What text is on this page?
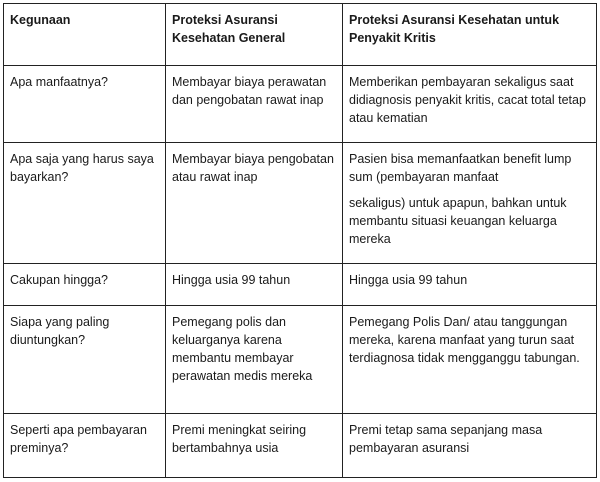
Kegunaan	Proteksi Asuransi Kesehatan General	Proteksi Asuransi Kesehatan untuk Penyakit Kritis
Apa manfaatnya?	Membayar biaya perawatan dan pengobatan rawat inap	Memberikan pembayaran sekaligus saat didiagnosis penyakit kritis, cacat total tetap atau kematian

Apa saja yang harus saya bayarkan?	Membayar biaya pengobatan atau rawat inap	Pasien bisa memanfaatkan benefit lump sum (pembayaran manfaat
sekaligus) untuk apapun, bahkan untuk membantu situasi keuangan keluarga mereka

Cakupan hingga?	Hingga usia 99 tahun	Hingga usia 99 tahun

Siapa yang paling diuntungkan?	Pemegang polis dan keluarganya karena membantu membayar perawatan medis mereka	Pemegang Polis Dan/ atau tanggungan mereka, karena manfaat yang turun saat terdiagnosa tidak mengganggu tabungan.

Seperti apa pembayaran preminya?	Premi meningkat seiring bertambahnya usia	Premi tetap sama sepanjang masa pembayaran asuransi
